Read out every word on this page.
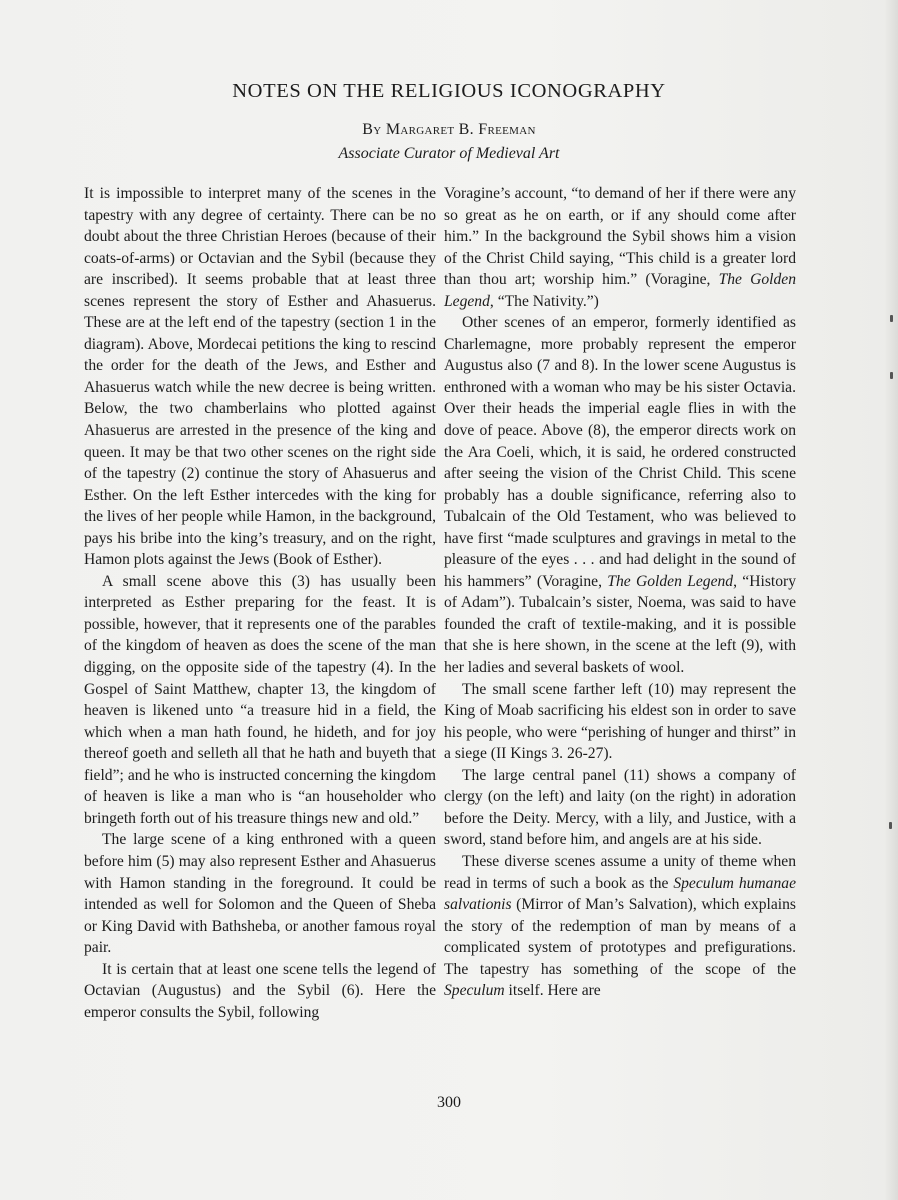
NOTES ON THE RELIGIOUS ICONOGRAPHY

By Margaret B. Freeman

Associate Curator of Medieval Art

It is impossible to interpret many of the scenes in the tapestry with any degree of certainty. There can be no doubt about the three Christian Heroes (because of their coats-of-arms) or Octavian and the Sybil (because they are inscribed). It seems probable that at least three scenes represent the story of Esther and Ahasuerus. These are at the left end of the tapestry (section 1 in the diagram). Above, Mordecai petitions the king to rescind the order for the death of the Jews, and Esther and Ahasuerus watch while the new decree is being written. Below, the two chamberlains who plotted against Ahasuerus are arrested in the presence of the king and queen. It may be that two other scenes on the right side of the tapestry (2) continue the story of Ahasuerus and Esther. On the left Esther intercedes with the king for the lives of her people while Hamon, in the background, pays his bribe into the king’s treasury, and on the right, Hamon plots against the Jews (Book of Esther).

A small scene above this (3) has usually been interpreted as Esther preparing for the feast. It is possible, however, that it represents one of the parables of the kingdom of heaven as does the scene of the man digging, on the opposite side of the tapestry (4). In the Gospel of Saint Matthew, chapter 13, the kingdom of heaven is likened unto “a treasure hid in a field, the which when a man hath found, he hideth, and for joy thereof goeth and selleth all that he hath and buyeth that field”; and he who is instructed concerning the kingdom of heaven is like a man who is “an householder who bringeth forth out of his treasure things new and old.”

The large scene of a king enthroned with a queen before him (5) may also represent Esther and Ahasuerus with Hamon standing in the foreground. It could be intended as well for Solomon and the Queen of Sheba or King David with Bathsheba, or another famous royal pair.

It is certain that at least one scene tells the legend of Octavian (Augustus) and the Sybil (6). Here the emperor consults the Sybil, following

Voragine’s account, “to demand of her if there were any so great as he on earth, or if any should come after him.” In the background the Sybil shows him a vision of the Christ Child saying, “This child is a greater lord than thou art; worship him.” (Voragine, The Golden Legend, “The Nativity.”)

Other scenes of an emperor, formerly identified as Charlemagne, more probably represent the emperor Augustus also (7 and 8). In the lower scene Augustus is enthroned with a woman who may be his sister Octavia. Over their heads the imperial eagle flies in with the dove of peace. Above (8), the emperor directs work on the Ara Coeli, which, it is said, he ordered constructed after seeing the vision of the Christ Child. This scene probably has a double significance, referring also to Tubalcain of the Old Testament, who was believed to have first “made sculptures and gravings in metal to the pleasure of the eyes . . . and had delight in the sound of his hammers” (Voragine, The Golden Legend, “History of Adam”). Tubalcain’s sister, Noema, was said to have founded the craft of textile-making, and it is possible that she is here shown, in the scene at the left (9), with her ladies and several baskets of wool.

The small scene farther left (10) may represent the King of Moab sacrificing his eldest son in order to save his people, who were “perishing of hunger and thirst” in a siege (II Kings 3. 26-27).

The large central panel (11) shows a company of clergy (on the left) and laity (on the right) in adoration before the Deity. Mercy, with a lily, and Justice, with a sword, stand before him, and angels are at his side.

These diverse scenes assume a unity of theme when read in terms of such a book as the Speculum humanae salvationis (Mirror of Man’s Salvation), which explains the story of the redemption of man by means of a complicated system of prototypes and prefigurations. The tapestry has something of the scope of the Speculum itself. Here are

300
